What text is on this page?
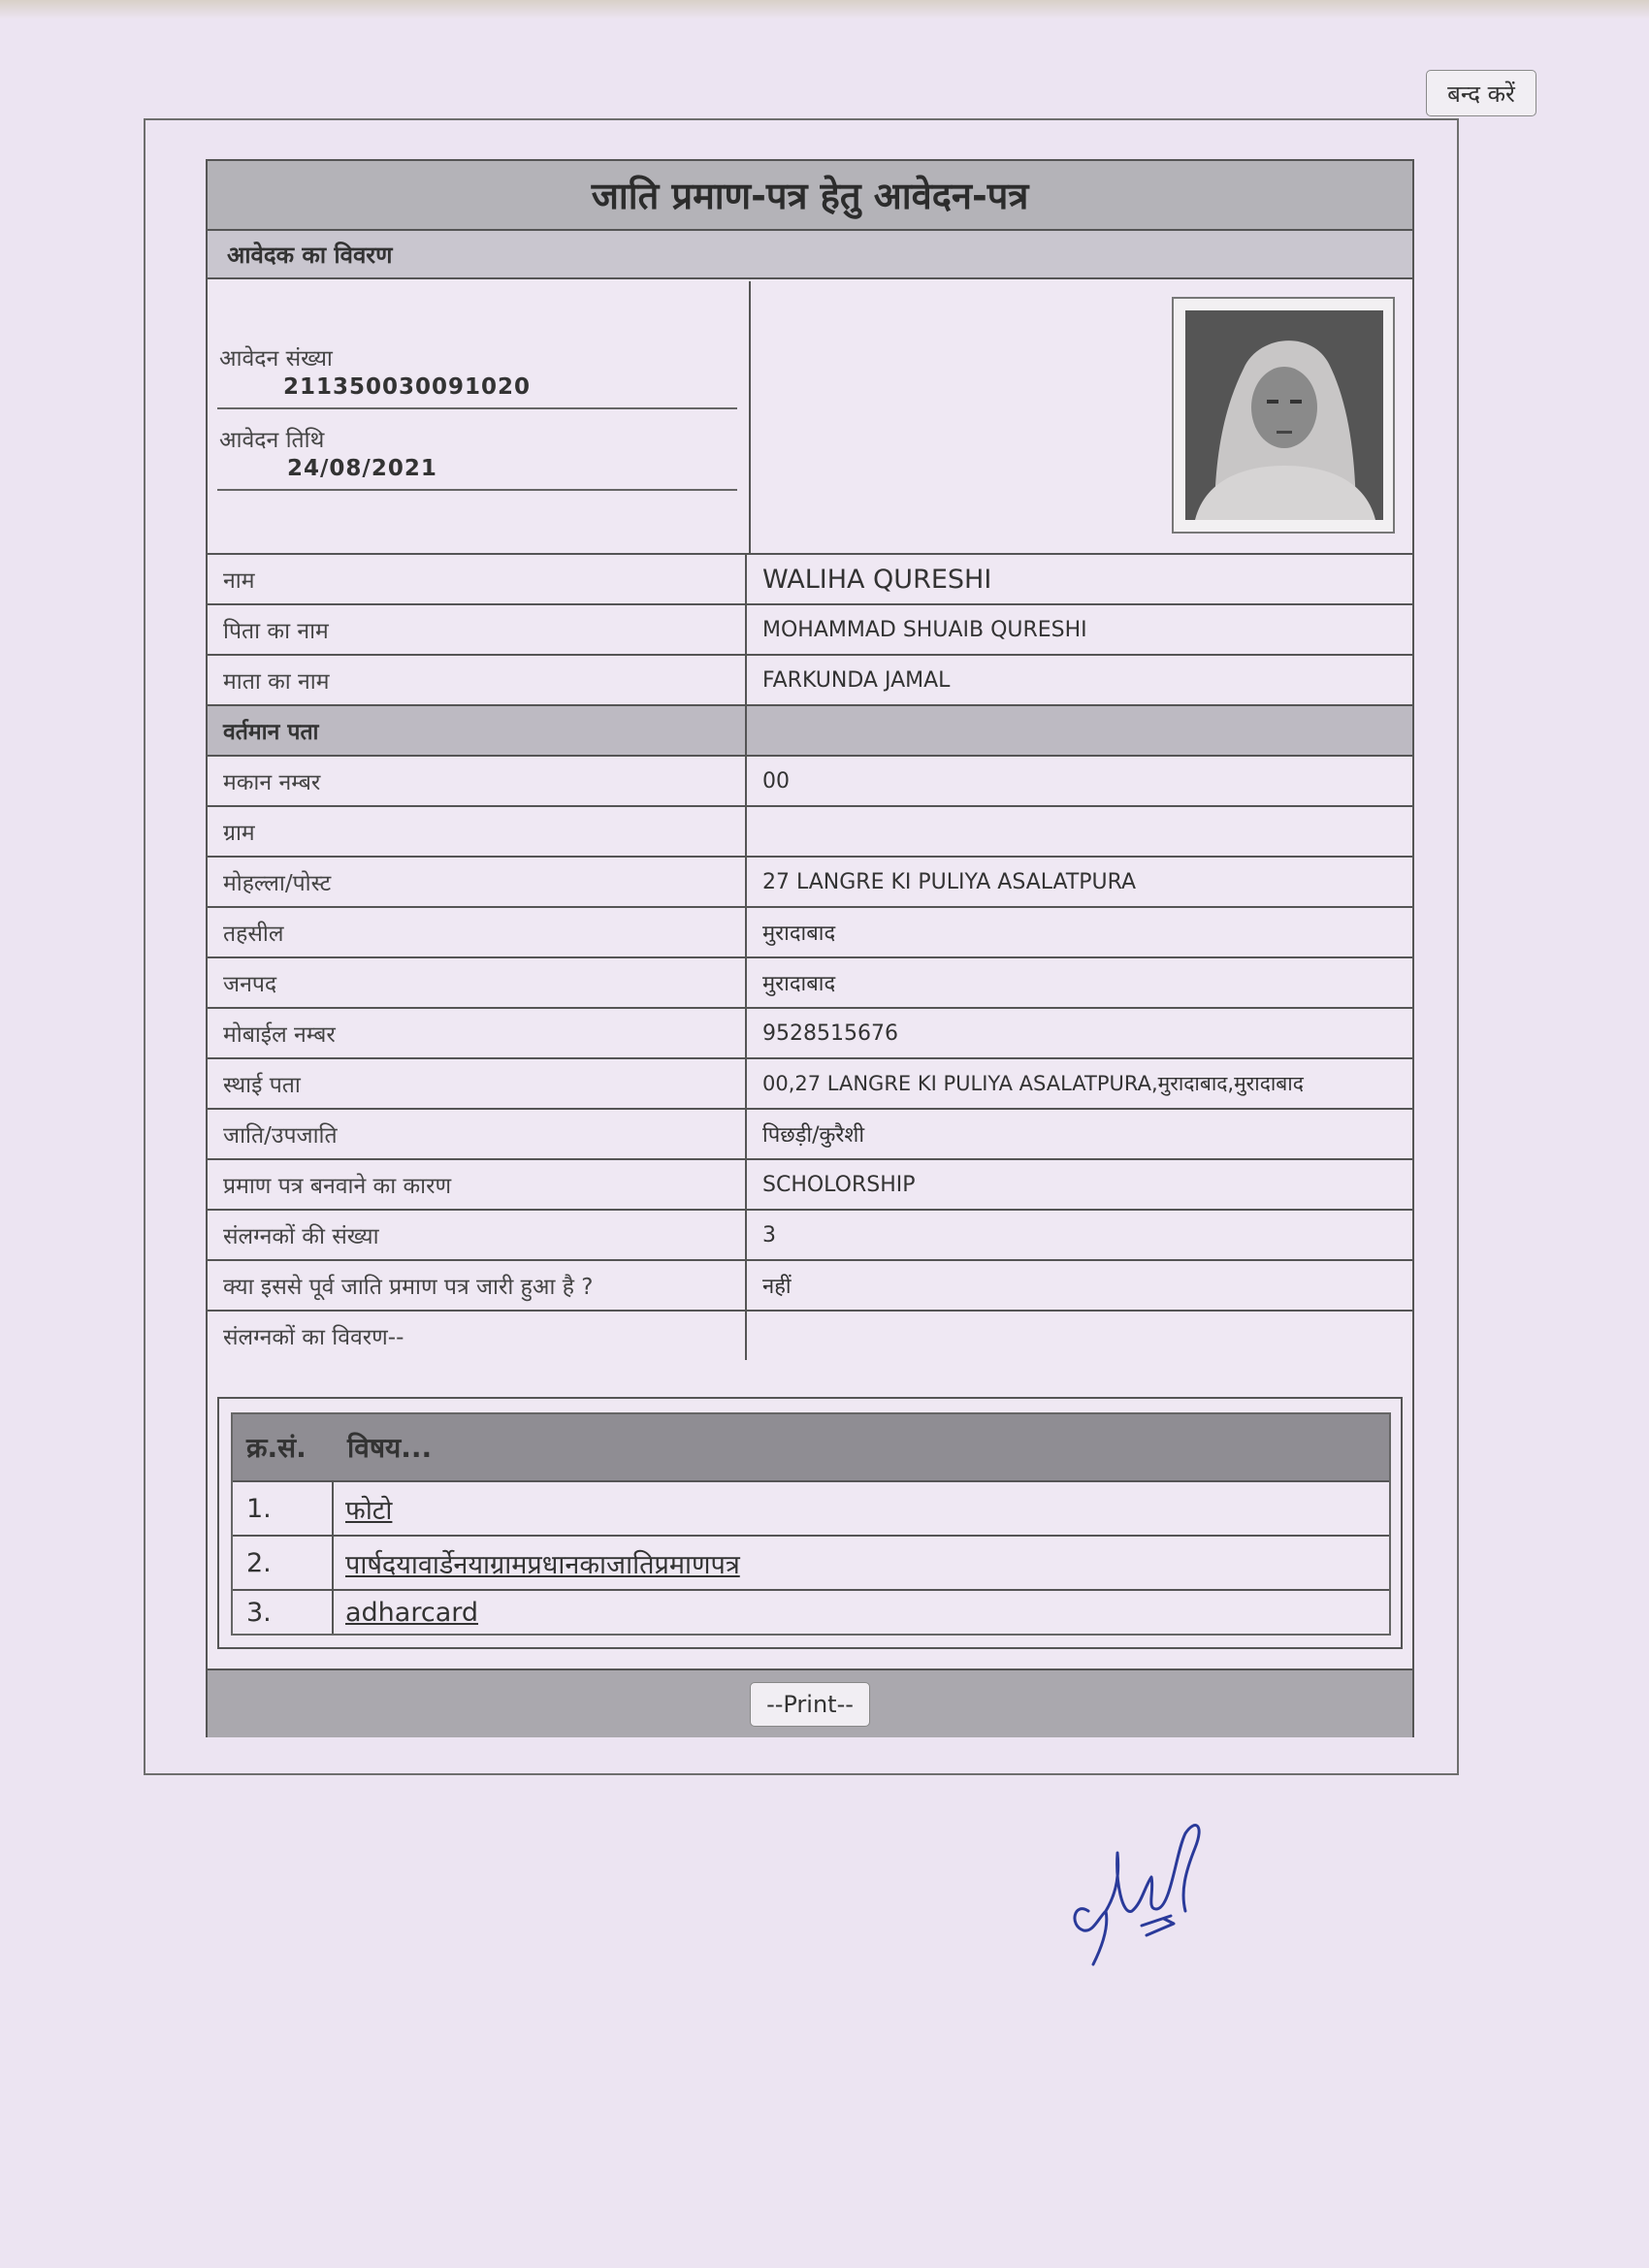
बन्द करें
जाति प्रमाण-पत्र हेतु आवेदन-पत्र
आवेदक का विवरण
आवेदन संख्या
211350030091020
आवेदन तिथि
24/08/2021
नाम	WALIHA QURESHI
पिता का नाम	MOHAMMAD SHUAIB QURESHI
माता का नाम	FARKUNDA JAMAL
वर्तमान पता
मकान नम्बर	00
ग्राम
मोहल्ला/पोस्ट	27 LANGRE KI PULIYA ASALATPURA
तहसील	मुरादाबाद
जनपद	मुरादाबाद
मोबाईल नम्बर	9528515676
स्थाई पता	00,27 LANGRE KI PULIYA ASALATPURA,मुरादाबाद,मुरादाबाद
जाति/उपजाति	पिछड़ी/कुरैशी
प्रमाण पत्र बनवाने का कारण	SCHOLORSHIP
संलग्नकों की संख्या	3
क्या इससे पूर्व जाति प्रमाण पत्र जारी हुआ है ?	नहीं
संलग्नकों का विवरण--
क्र.सं.	विषय...
1.	फोटो
2.	पार्षदयावार्डेनयाग्रामप्रधानकाजातिप्रमाणपत्र
3.	adharcard
--Print--
